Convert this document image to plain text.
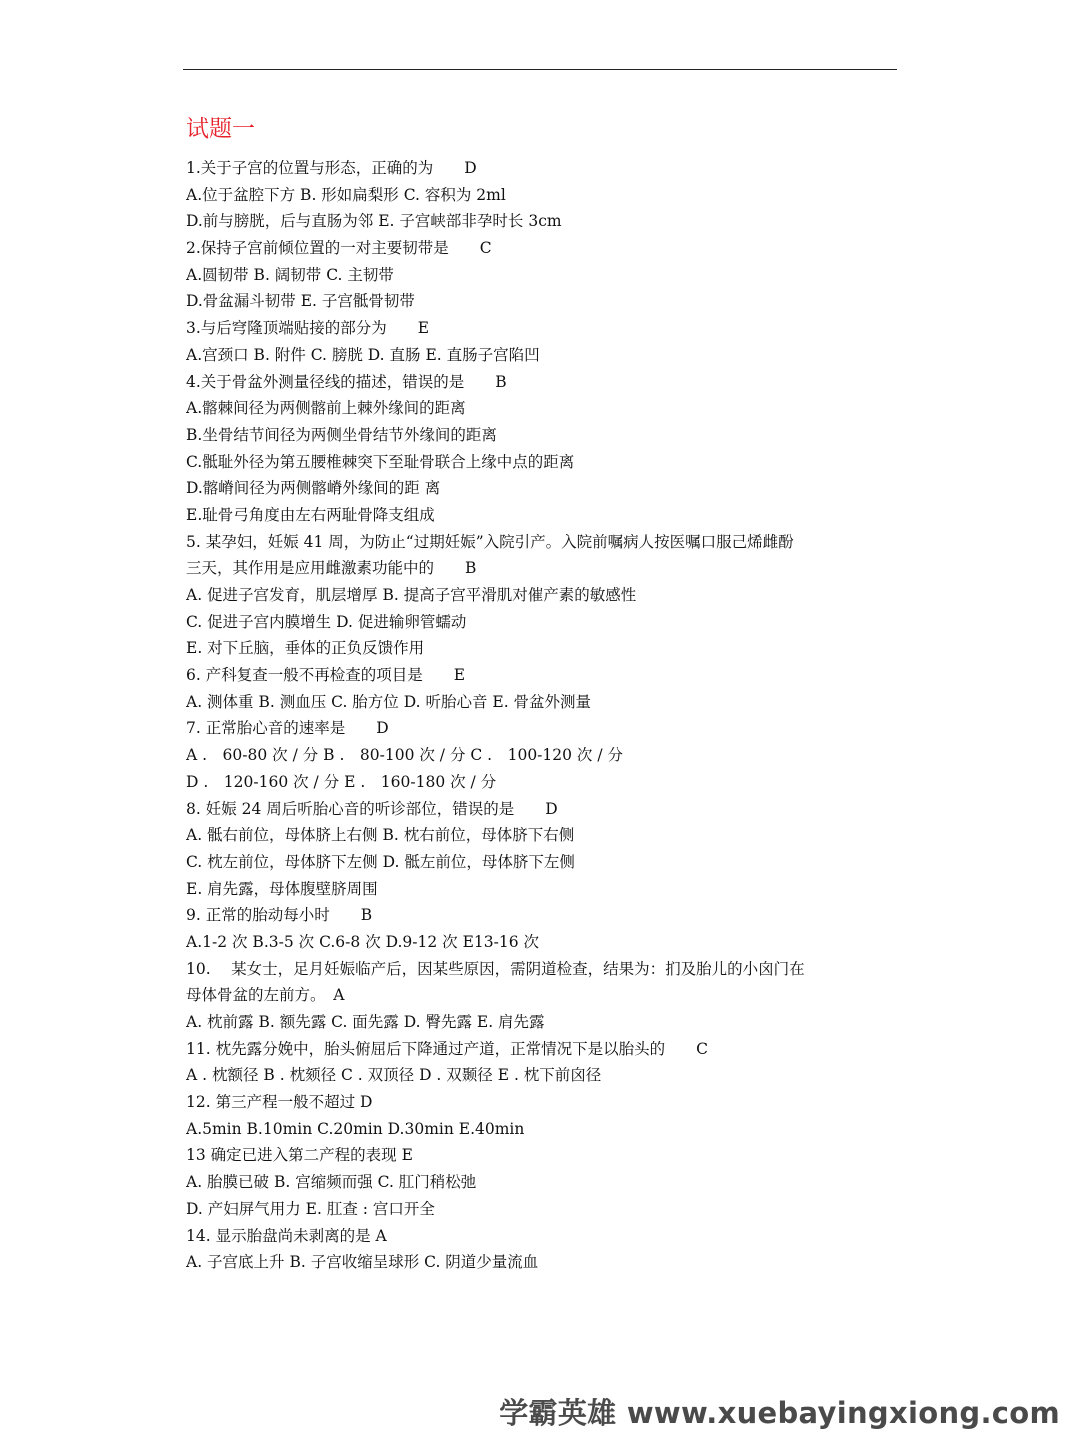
试题一
1.关于子宫的位置与形态，正确的为　　D
A.位于盆腔下方 B. 形如扁梨形 C. 容积为 2ml
D.前与膀胱，后与直肠为邻 E. 子宫峡部非孕时长 3cm
2.保持子宫前倾位置的一对主要韧带是　　C
A.圆韧带 B. 阔韧带 C. 主韧带
D.骨盆漏斗韧带 E. 子宫骶骨韧带
3.与后穹隆顶端贴接的部分为　　E
A.宫颈口 B. 附件 C. 膀胱 D. 直肠 E. 直肠子宫陷凹
4.关于骨盆外测量径线的描述，错误的是　　B
A.髂棘间径为两侧髂前上棘外缘间的距离
B.坐骨结节间径为两侧坐骨结节外缘间的距离
C.骶耻外径为第五腰椎棘突下至耻骨联合上缘中点的距离
D.髂嵴间径为两侧髂嵴外缘间的距 离
E.耻骨弓角度由左右两耻骨降支组成
5. 某孕妇，妊娠 41 周，为防止“过期妊娠”入院引产。入院前嘱病人按医嘱口服己烯雌酚
三天，其作用是应用雌激素功能中的　　B
A. 促进子宫发育，肌层增厚 B. 提高子宫平滑肌对催产素的敏感性
C. 促进子宫内膜增生 D. 促进输卵管蠕动
E. 对下丘脑，垂体的正负反馈作用
6. 产科复查一般不再检查的项目是　　E
A. 测体重 B. 测血压 C. 胎方位 D. 听胎心音 E. 骨盆外测量
7. 正常胎心音的速率是　　D
A .　60-80 次 / 分 B .　80-100 次 / 分 C .　100-120 次 / 分
D .　120-160 次 / 分 E .　160-180 次 / 分
8. 妊娠 24 周后听胎心音的听诊部位，错误的是　　D
A. 骶右前位，母体脐上右侧 B. 枕右前位，母体脐下右侧
C. 枕左前位，母体脐下左侧 D. 骶左前位，母体脐下左侧
E. 肩先露，母体腹壁脐周围
9. 正常的胎动每小时　　B
A.1-2 次 B.3-5 次 C.6-8 次 D.9-12 次 E13-16 次
10.　 某女士，足月妊娠临产后，因某些原因，需阴道检查，结果为：扪及胎儿的小囟门在
母体骨盆的左前方。　A
A. 枕前露 B. 额先露 C. 面先露 D. 臀先露 E. 肩先露
11. 枕先露分娩中，胎头俯屈后下降通过产道，正常情况下是以胎头的　　C
A . 枕额径 B . 枕颏径 C . 双顶径 D . 双颞径 E . 枕下前囟径
12. 第三产程一般不超过 D
A.5min B.10min C.20min D.30min E.40min
13 确定已进入第二产程的表现 E
A. 胎膜已破 B. 宫缩频而强 C. 肛门稍松弛
D. 产妇屏气用力 E. 肛查 : 宫口开全
14. 显示胎盘尚未剥离的是 A
A. 子宫底上升 B. 子宫收缩呈球形 C. 阴道少量流血
学霸英雄 www.xuebayingxiong.com
